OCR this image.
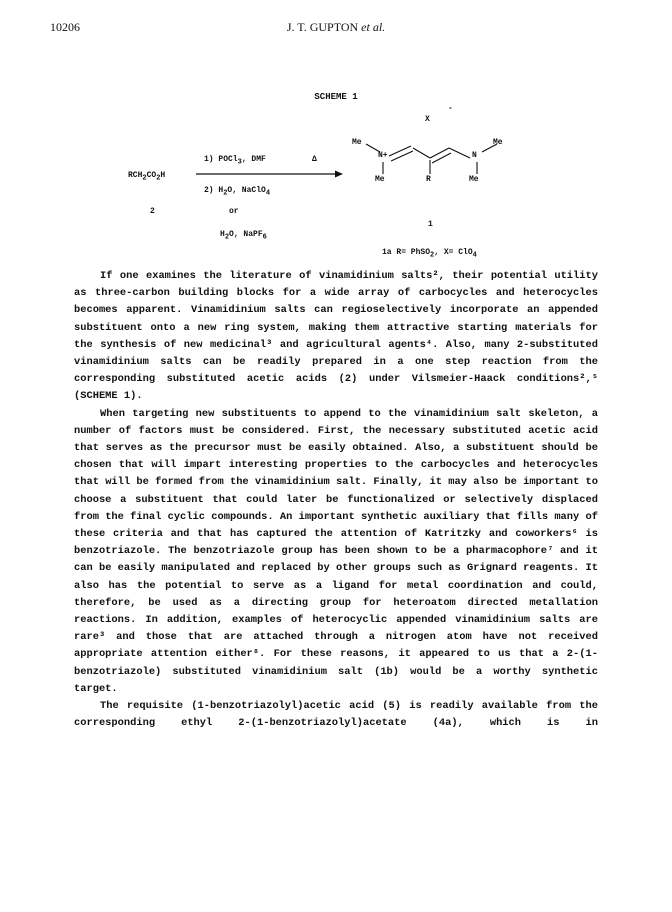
10206	J. T. GUPTON et al.
SCHEME 1
$RCH_2CO_2H$
2
1) POCl$_3$, DMF	Δ
2) $H_2O$, NaClO$_4$
or
$H_2O$, NaPF$_6$
-
X
Me	Me
Me	Me
N+	N
R
1
1a R= PhSO$_2$, X= ClO$_4$

If one examines the literature of vinamidinium salts², their potential utility as three-carbon building blocks for a wide array of carbocycles and heterocycles becomes apparent. Vinamidinium salts can regioselectively incorporate an appended substituent onto a new ring system, making them attractive starting materials for the synthesis of new medicinal³ and agricultural agents⁴. Also, many 2-substituted vinamidinium salts can be readily prepared in a one step reaction from the corresponding substituted acetic acids (2) under Vilsmeier-Haack conditions²,⁵ (SCHEME 1).

When targeting new substituents to append to the vinamidinium salt skeleton, a number of factors must be considered. First, the necessary substituted acetic acid that serves as the precursor must be easily obtained. Also, a substituent should be chosen that will impart interesting properties to the carbocycles and heterocycles that will be formed from the vinamidinium salt. Finally, it may also be important to choose a substituent that could later be functionalized or selectively displaced from the final cyclic compounds. An important synthetic auxiliary that fills many of these criteria and that has captured the attention of Katritzky and coworkers⁶ is benzotriazole. The benzotriazole group has been shown to be a pharmacophore⁷ and it can be easily manipulated and replaced by other groups such as Grignard reagents. It also has the potential to serve as a ligand for metal coordination and could, therefore, be used as a directing group for heteroatom directed metallation reactions. In addition, examples of heterocyclic appended vinamidinium salts are rare³ and those that are attached through a nitrogen atom have not received appropriate attention either⁸. For these reasons, it appeared to us that a 2-(1-benzotriazole) substituted vinamidinium salt (1b) would be a worthy synthetic target.

The requisite (1-benzotriazolyl)acetic acid (5) is readily available from the corresponding ethyl 2-(1-benzotriazolyl)acetate (4a), which is in
